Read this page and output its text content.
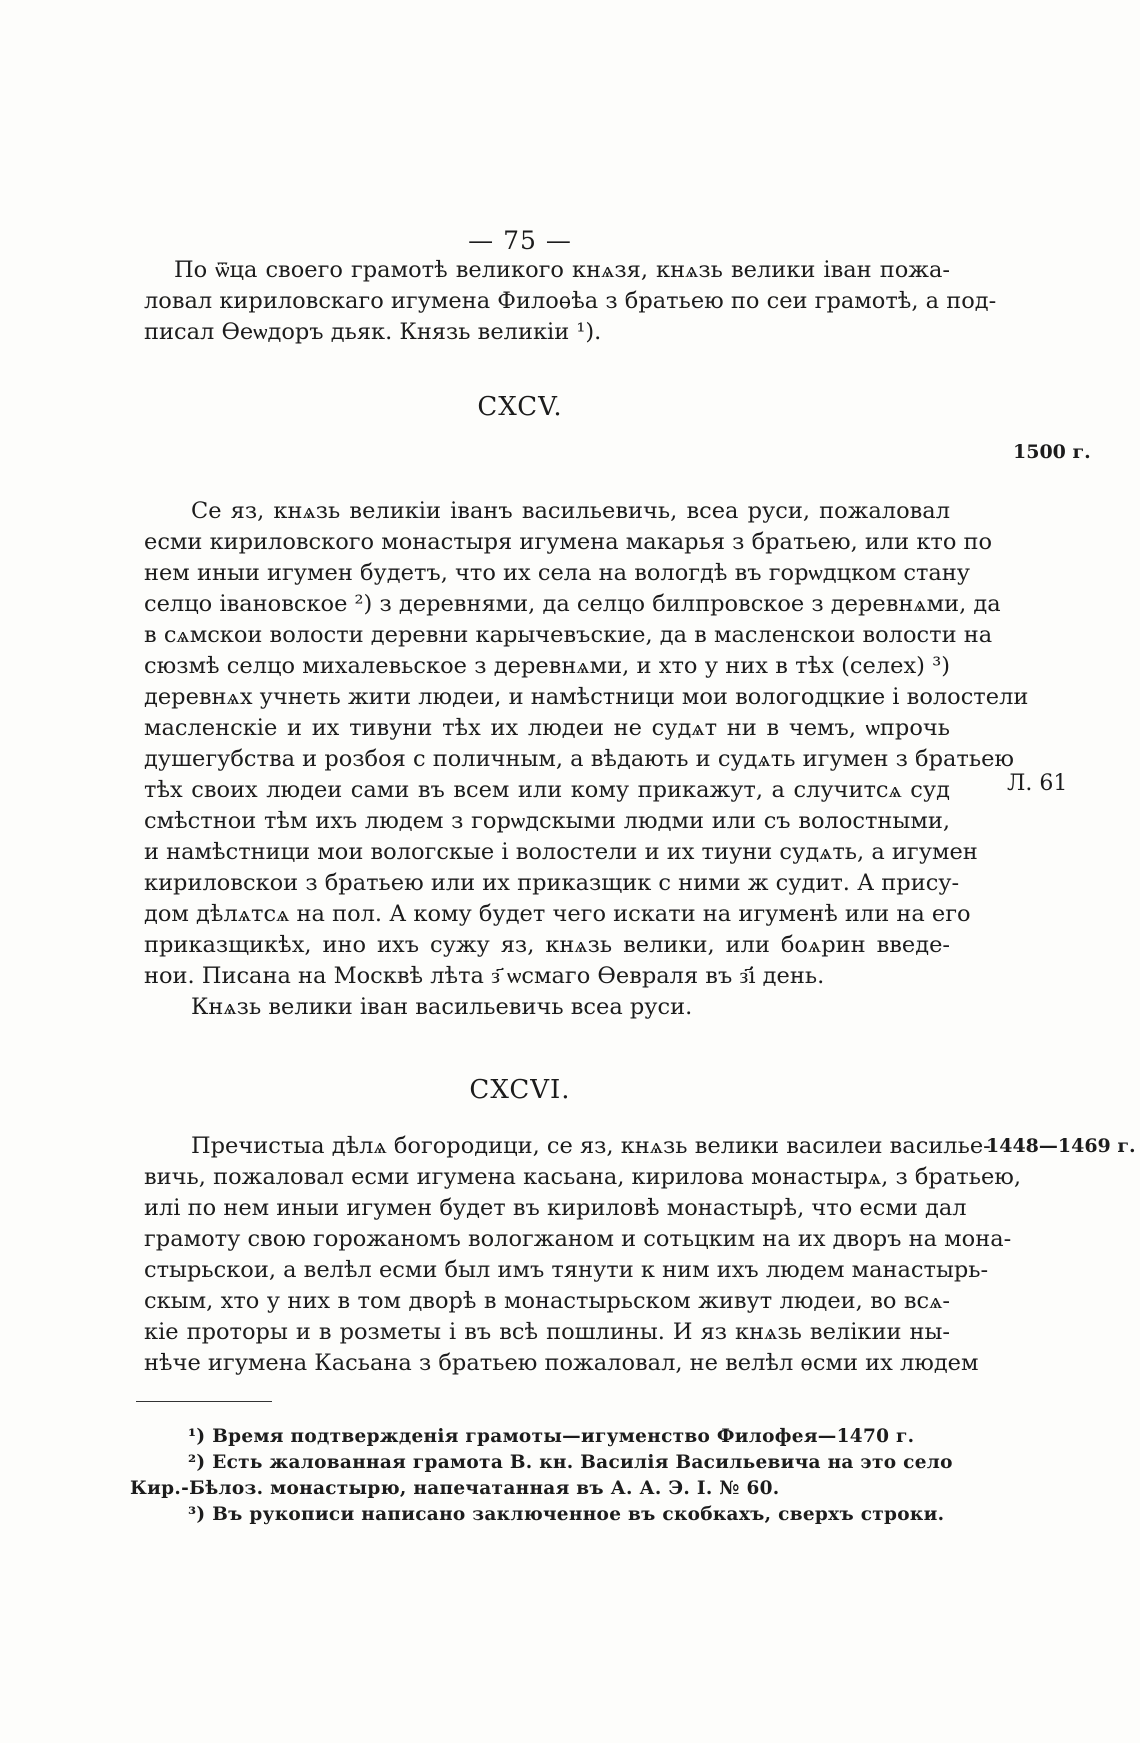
— 75 —
По ѿца своего грамотѣ великого кнѧзя, кнѧзь велики іван пожа-
ловал кириловскаго игумена Филоѳѣа з братьею по сеи грамотѣ, а под-
писал Ѳеѡдоръ дьяк. Князь великіи ¹).
CXCV.
1500 г.
Л. 61
Се яз, кнѧзь великіи іванъ васильевичь, всеа руси, пожаловал
есми кириловского монастыря игумена макарья з братьею, или кто по
нем иныи игумен будетъ, что их села на вологдѣ въ горѡдцком стану
селцо івановское ²) з деревнями, да селцо билпровское з деревнѧми, да
в сѧмскои волости деревни карычевъские, да в масленскои волости на
сюзмѣ селцо михалевьское з деревнѧми, и хто у них в тѣх (селех) ³)
деревнѧх учнеть жити людеи, и намѣстници мои вологодцкие і волостели
масленскіе и их тивуни тѣх их людеи не судѧт ни в чемъ, ѡпрочь
душегубства и розбоя с поличным, а вѣдають и судѧть игумен з братьею
тѣх своих людеи сами въ всем или кому прикажут, а случитсѧ суд
смѣстнои тѣм ихъ людем з горѡдскыми людми или съ волостными,
и намѣстници мои вологскые і волостели и их тиуни судѧть, а игумен
кириловскои з братьею или их приказщик с ними ж судит. А прису-
дом дѣлѧтсѧ на пол. А кому будет чего искати на игуменѣ или на его
приказщикѣх, ино ихъ сужу яз, кнѧзь велики, или боѧрин введе-
нои. Писана на Москвѣ лѣта з҃ ѡсмаго Ѳевраля въ з҃і день.
Кнѧзь велики іван васильевичь всеа руси.
CXCVI.
1448—1469 г.
Пречистыа дѣлѧ богородици, се яз, кнѧзь велики василеи василье-
вичь, пожаловал есми игумена касьана, кирилова монастырѧ, з братьею,
илі по нем иныи игумен будет въ кириловѣ монастырѣ, что есми дал
грамоту свою горожаномъ вологжаном и сотьцким на их дворъ на мона-
стырьскои, а велѣл есми был имъ тянути к ним ихъ людем манастырь-
скым, хто у них в том дворѣ в монастырьском живут людеи, во всѧ-
кіе проторы и в розметы і въ всѣ пошлины. И яз кнѧзь велікии ны-
нѣче игумена Касьана з братьею пожаловал, не велѣл ѳсми их людем
¹) Время подтвержденія грамоты—игуменство Филофея—1470 г.
²) Есть жалованная грамота В. кн. Василія Васильевича на это село
Кир.-Бѣлоз. монастырю, напечатанная въ А. А. Э. I. № 60.
³) Въ рукописи написано заключенное въ скобкахъ, сверхъ строки.
